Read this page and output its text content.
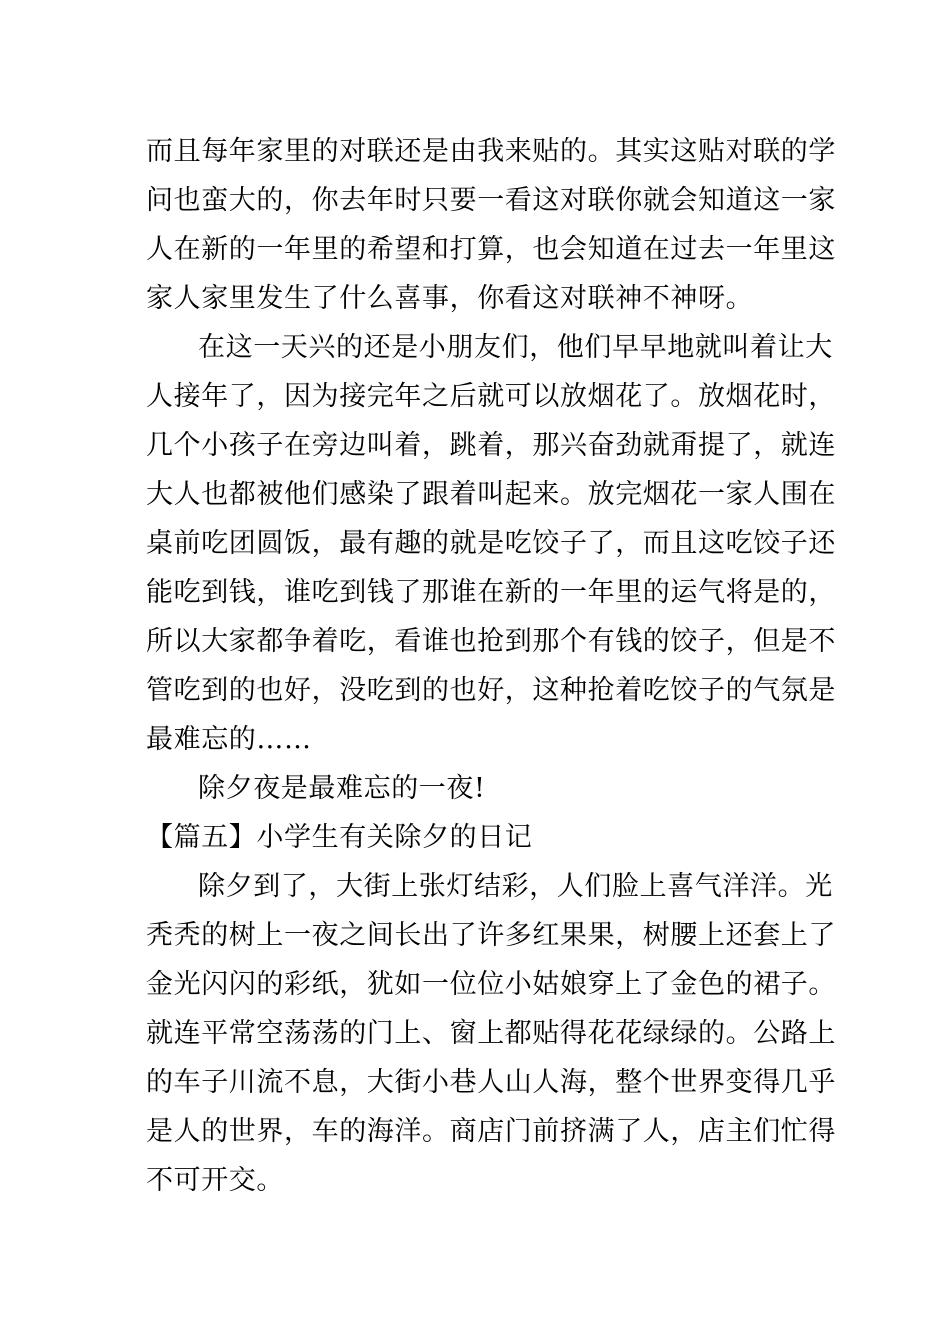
而且每年家里的对联还是由我来贴的。其实这贴对联的学
问也蛮大的，你去年时只要一看这对联你就会知道这一家
人在新的一年里的希望和打算，也会知道在过去一年里这
家人家里发生了什么喜事，你看这对联神不神呀。
在这一天兴的还是小朋友们，他们早早地就叫着让大
人接年了，因为接完年之后就可以放烟花了。放烟花时，
几个小孩子在旁边叫着，跳着，那兴奋劲就甭提了，就连
大人也都被他们感染了跟着叫起来。放完烟花一家人围在
桌前吃团圆饭，最有趣的就是吃饺子了，而且这吃饺子还
能吃到钱，谁吃到钱了那谁在新的一年里的运气将是的，
所以大家都争着吃，看谁也抢到那个有钱的饺子，但是不
管吃到的也好，没吃到的也好，这种抢着吃饺子的气氛是
最难忘的……
除夕夜是最难忘的一夜!
【篇五】小学生有关除夕的日记
除夕到了，大街上张灯结彩，人们脸上喜气洋洋。光
秃秃的树上一夜之间长出了许多红果果，树腰上还套上了
金光闪闪的彩纸，犹如一位位小姑娘穿上了金色的裙子。
就连平常空荡荡的门上、窗上都贴得花花绿绿的。公路上
的车子川流不息，大街小巷人山人海，整个世界变得几乎
是人的世界，车的海洋。商店门前挤满了人，店主们忙得
不可开交。
